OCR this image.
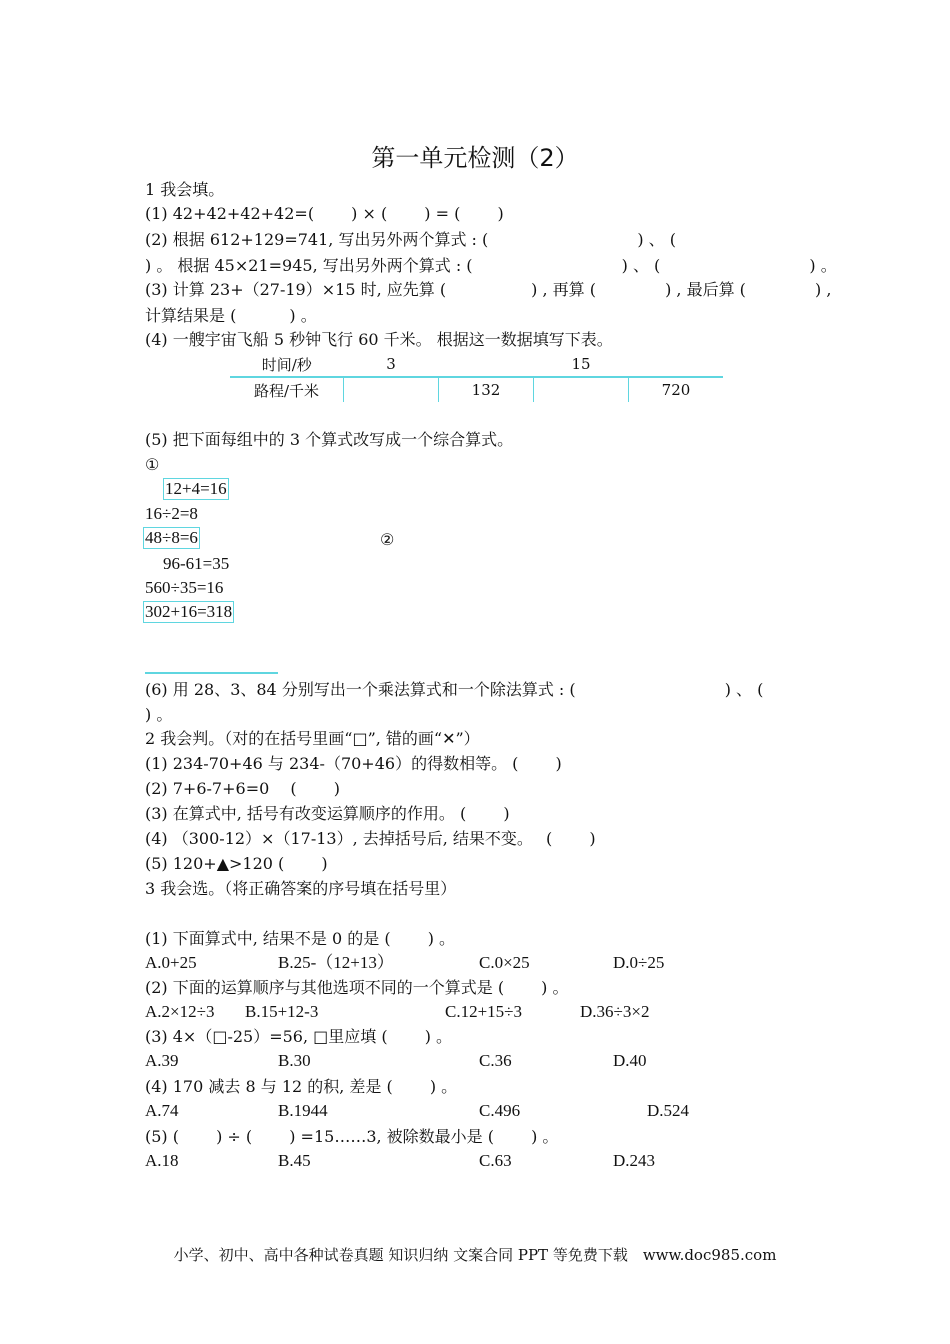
第一单元检测（2）
1 我会填。
(1) 42+42+42+42=(　　 ) × (　　 ) = (　　 )
(2) 根据 612+129=741, 写出另外两个算式 : (　　　　　　　　　 ) 、 (
) 。 根据 45×21=945, 写出另外两个算式 : (　　　　　　　　　 ) 、 (　　　　　　　　　 ) 。
(3) 计算 23+（27-19）×15 时, 应先算 (　　　　　 ) , 再算 (　　　　 ) , 最后算 (　　　　 ) ,
计算结果是 (　　　 ) 。
(4) 一艘宇宙飞船 5 秒钟飞行 60 千米。 根据这一数据填写下表。
时间/秒	3		15	
路程/千米		132		720
(5) 把下面每组中的 3 个算式改写成一个综合算式。
①
12+4=16
16÷2=8
48÷8=6	②
96-61=35
560÷35=16
302+16=318
(6) 用 28、3、84 分别写出一个乘法算式和一个除法算式 : (　　　　　　　　　 ) 、 (
) 。
2 我会判。（对的在括号里画“□”, 错的画“✕”）
(1) 234-70+46 与 234-（70+46）的得数相等。 (　　 )
(2) 7+6-7+6=0　 (　　 )
(3) 在算式中, 括号有改变运算顺序的作用。 (　　 )
(4) （300-12）×（17-13）, 去掉括号后, 结果不变。　 (　　 )
(5) 120+▲>120 (　　 )
3 我会选。（将正确答案的序号填在括号里）
(1) 下面算式中, 结果不是 0 的是 (　　 ) 。
A.0+25	B.25-（12+13）	C.0×25	D.0÷25
(2) 下面的运算顺序与其他选项不同的一个算式是 (　　 ) 。
A.2×12÷3 B.15+12-3	C.12+15÷3	D.36÷3×2
(3) 4×（□-25）=56, □里应填 (　　 ) 。
A.39	B.30	C.36	D.40
(4) 170 减去 8 与 12 的积, 差是 (　　 ) 。
A.74	B.1944	C.496	D.524
(5) (　　 ) ÷ (　　 ) =15……3, 被除数最小是 (　　 ) 。
A.18	B.45	C.63	D.243
小学、初中、高中各种试卷真题 知识归纳 文案合同 PPT 等免费下载　www.doc985.com
